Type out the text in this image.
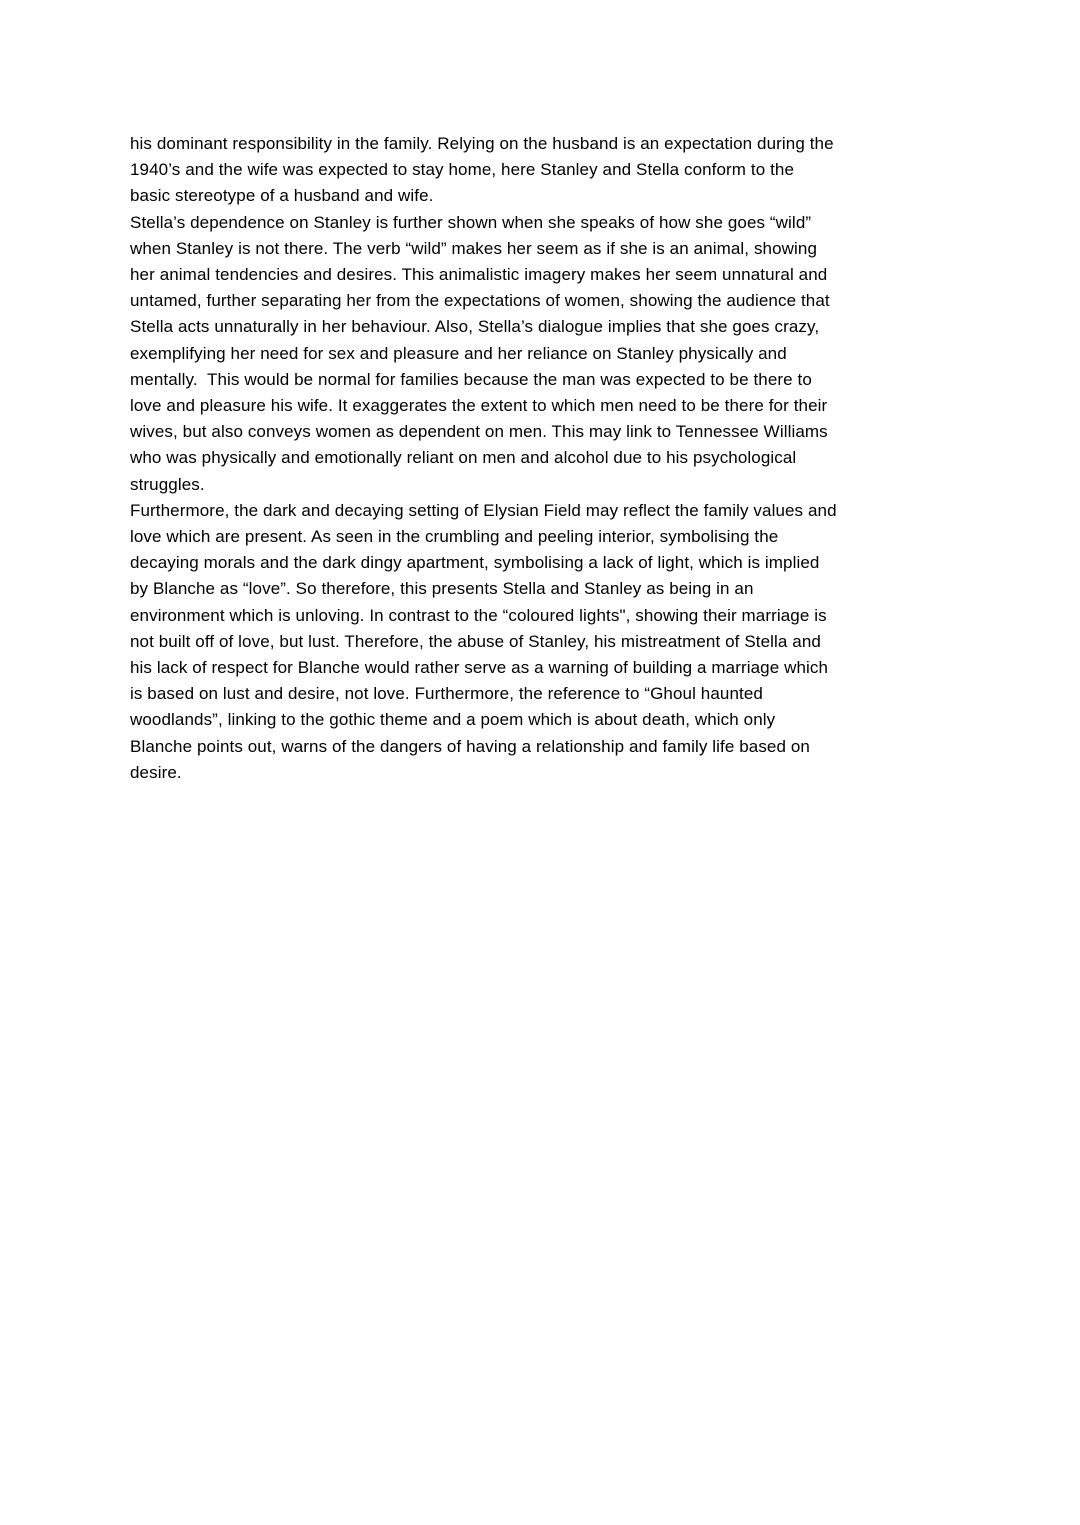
his dominant responsibility in the family. Relying on the husband is an expectation during the
1940’s and the wife was expected to stay home, here Stanley and Stella conform to the
basic stereotype of a husband and wife.
Stella’s dependence on Stanley is further shown when she speaks of how she goes “wild”
when Stanley is not there. The verb “wild” makes her seem as if she is an animal, showing
her animal tendencies and desires. This animalistic imagery makes her seem unnatural and
untamed, further separating her from the expectations of women, showing the audience that
Stella acts unnaturally in her behaviour. Also, Stella’s dialogue implies that she goes crazy,
exemplifying her need for sex and pleasure and her reliance on Stanley physically and
mentally.  This would be normal for families because the man was expected to be there to
love and pleasure his wife. It exaggerates the extent to which men need to be there for their
wives, but also conveys women as dependent on men. This may link to Tennessee Williams
who was physically and emotionally reliant on men and alcohol due to his psychological
struggles.
Furthermore, the dark and decaying setting of Elysian Field may reflect the family values and
love which are present. As seen in the crumbling and peeling interior, symbolising the
decaying morals and the dark dingy apartment, symbolising a lack of light, which is implied
by Blanche as “love”. So therefore, this presents Stella and Stanley as being in an
environment which is unloving. In contrast to the “coloured lights", showing their marriage is
not built off of love, but lust. Therefore, the abuse of Stanley, his mistreatment of Stella and
his lack of respect for Blanche would rather serve as a warning of building a marriage which
is based on lust and desire, not love. Furthermore, the reference to “Ghoul haunted
woodlands”, linking to the gothic theme and a poem which is about death, which only
Blanche points out, warns of the dangers of having a relationship and family life based on
desire.
